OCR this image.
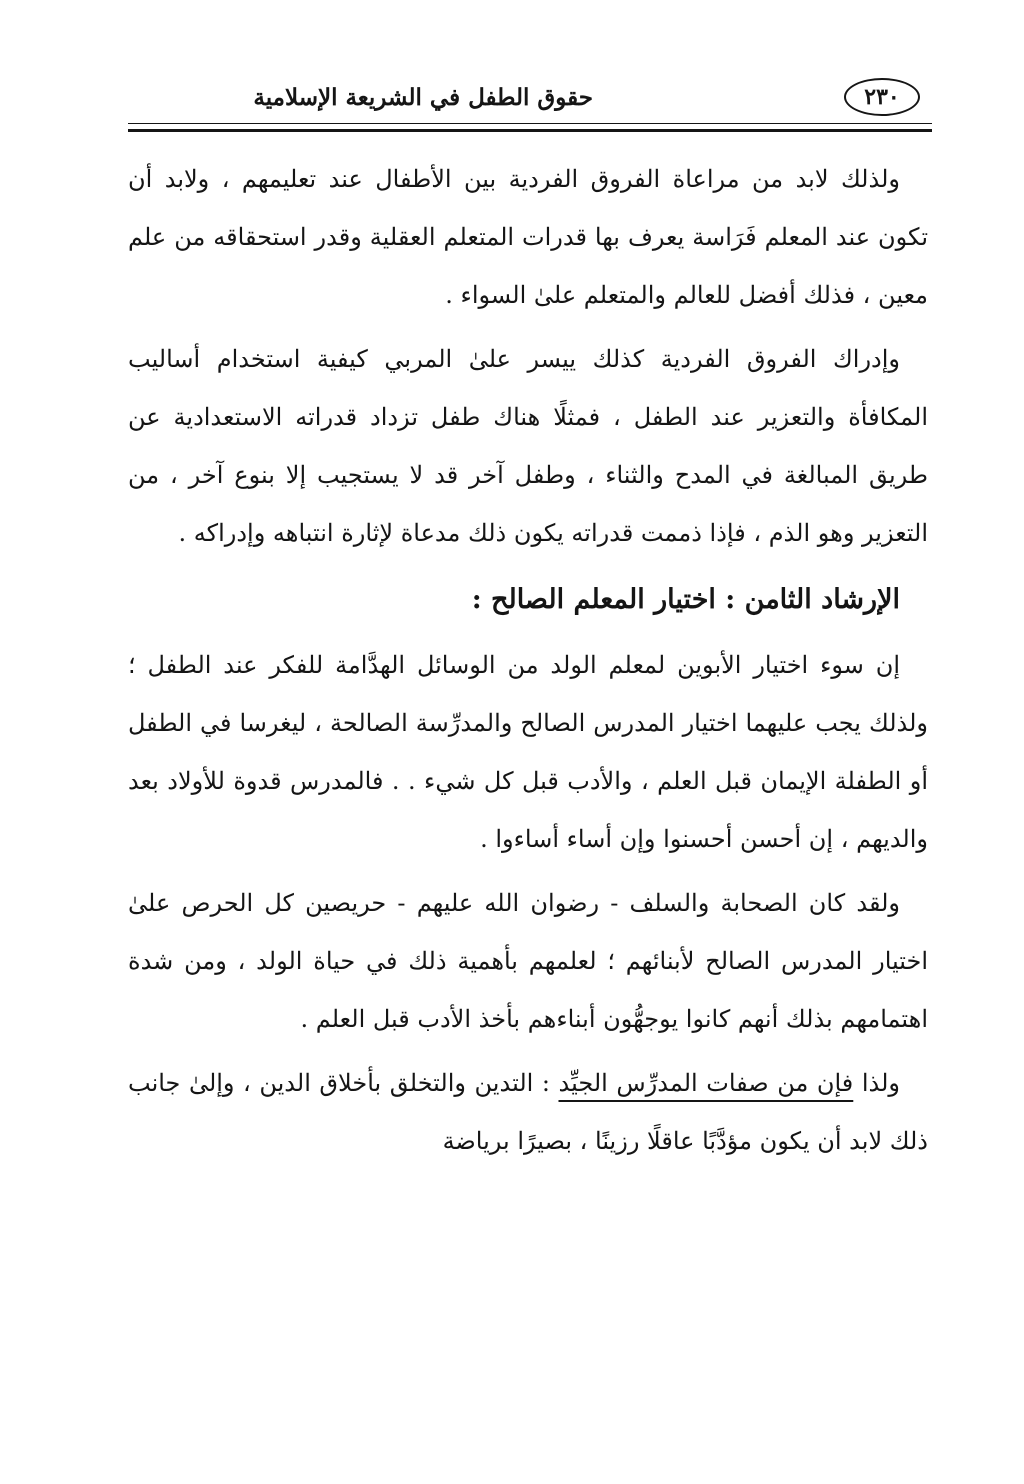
٢٣٠
حقوق الطفل في الشريعة الإسلامية

ولذلك لابد من مراعاة الفروق الفردية بين الأطفال عند تعليمهم ، ولابد أن تكون عند المعلم فَرَاسة يعرف بها قدرات المتعلم العقلية وقدر استحقاقه من علم معين ، فذلك أفضل للعالم والمتعلم علىٰ السواء .

وإدراك الفروق الفردية كذلك ييسر علىٰ المربي كيفية استخدام أساليب المكافأة والتعزير عند الطفل ، فمثلًا هناك طفل تزداد قدراته الاستعدادية عن طريق المبالغة في المدح والثناء ، وطفل آخر قد لا يستجيب إلا بنوع آخر ، من التعزير وهو الذم ، فإذا ذممت قدراته يكون ذلك مدعاة لإثارة انتباهه وإدراكه .

الإرشاد الثامن : اختيار المعلم الصالح :

إن سوء اختيار الأبوين لمعلم الولد من الوسائل الهدَّامة للفكر عند الطفل ؛ ولذلك يجب عليهما اختيار المدرس الصالح والمدرِّسة الصالحة ، ليغرسا في الطفل أو الطفلة الإيمان قبل العلم ، والأدب قبل كل شيء . . فالمدرس قدوة للأولاد بعد والديهم ، إن أحسن أحسنوا وإن أساء أساءوا .

ولقد كان الصحابة والسلف - رضوان الله عليهم - حريصين كل الحرص علىٰ اختيار المدرس الصالح لأبنائهم ؛ لعلمهم بأهمية ذلك في حياة الولد ، ومن شدة اهتمامهم بذلك أنهم كانوا يوجهُّون أبناءهم بأخذ الأدب قبل العلم .

ولذا فإن من صفات المدرِّس الجيِّد : التدين والتخلق بأخلاق الدين ، وإلىٰ جانب ذلك لابد أن يكون مؤدَّبًا عاقلًا رزينًا ، بصيرًا برياضة
